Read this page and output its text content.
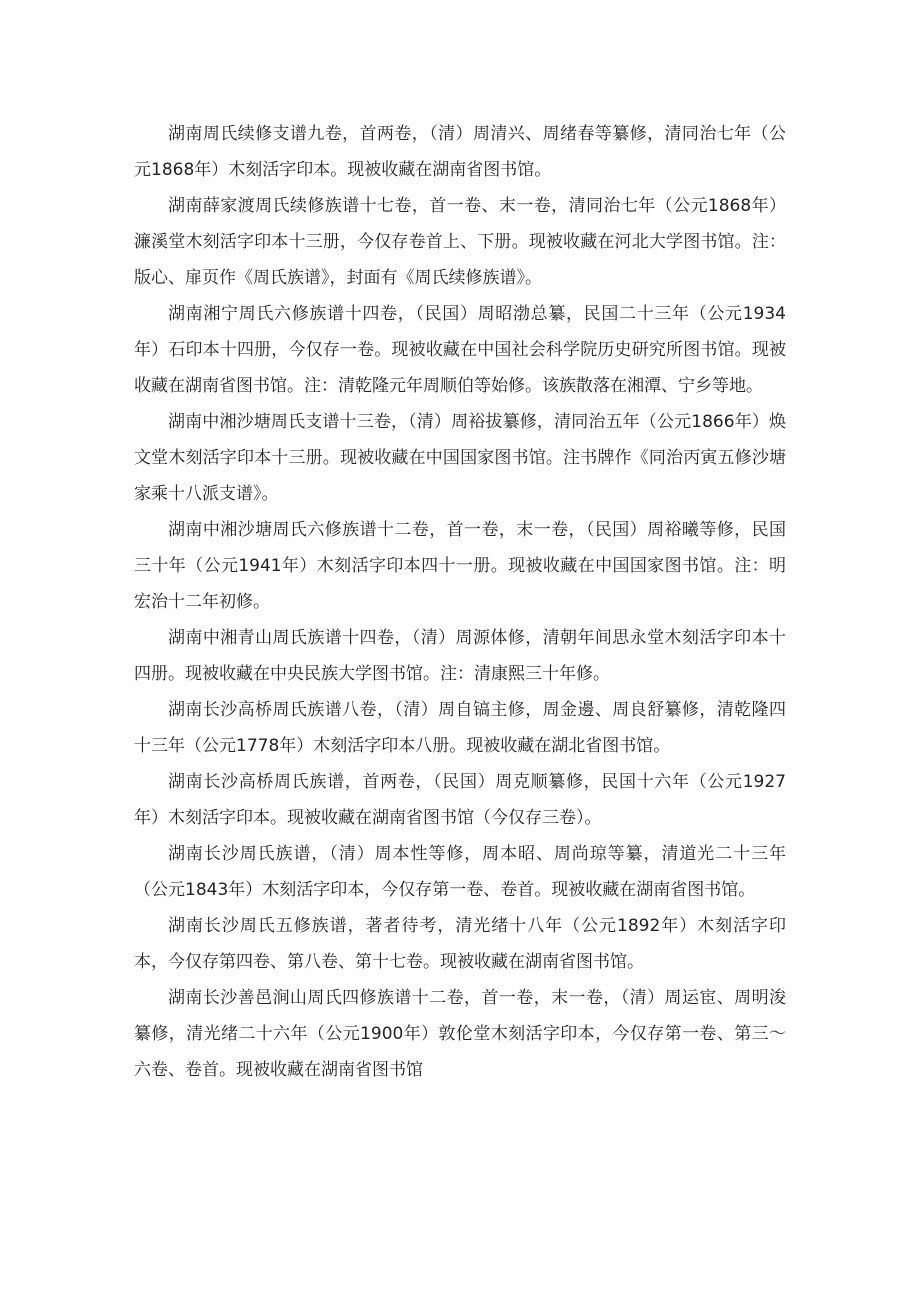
湖南周氏续修支谱九卷，首两卷，（清）周清兴、周绪春等纂修，清同治七年（公元1868年）木刻活字印本。现被收藏在湖南省图书馆。

湖南薛家渡周氏续修族谱十七卷，首一卷、末一卷，清同治七年（公元1868年）濂溪堂木刻活字印本十三册，今仅存卷首上、下册。现被收藏在河北大学图书馆。注：版心、扉页作《周氏族谱》，封面有《周氏续修族谱》。

湖南湘宁周氏六修族谱十四卷，（民国）周昭渤总纂，民国二十三年（公元1934年）石印本十四册，今仅存一卷。现被收藏在中国社会科学院历史研究所图书馆。现被收藏在湖南省图书馆。注：清乾隆元年周顺伯等始修。该族散落在湘潭、宁乡等地。

湖南中湘沙塘周氏支谱十三卷，（清）周裕拔纂修，清同治五年（公元1866年）焕文堂木刻活字印本十三册。现被收藏在中国国家图书馆。注书牌作《同治丙寅五修沙塘家乘十八派支谱》。

湖南中湘沙塘周氏六修族谱十二卷，首一卷，末一卷，（民国）周裕曦等修，民国三十年（公元1941年）木刻活字印本四十一册。现被收藏在中国国家图书馆。注：明宏治十二年初修。

湖南中湘青山周氏族谱十四卷，（清）周源体修，清朝年间思永堂木刻活字印本十四册。现被收藏在中央民族大学图书馆。注：清康熙三十年修。

湖南长沙高桥周氏族谱八卷，（清）周自镐主修，周金邊、周良舒纂修，清乾隆四十三年（公元1778年）木刻活字印本八册。现被收藏在湖北省图书馆。

湖南长沙高桥周氏族谱，首两卷，（民国）周克顺纂修，民国十六年（公元1927年）木刻活字印本。现被收藏在湖南省图书馆（今仅存三卷）。

湖南长沙周氏族谱，（清）周本性等修，周本昭、周尚琼等纂，清道光二十三年（公元1843年）木刻活字印本，今仅存第一卷、卷首。现被收藏在湖南省图书馆。

湖南长沙周氏五修族谱，著者待考，清光绪十八年（公元1892年）木刻活字印本，今仅存第四卷、第八卷、第十七卷。现被收藏在湖南省图书馆。

湖南长沙善邑涧山周氏四修族谱十二卷，首一卷，末一卷，（清）周运宦、周明浚纂修，清光绪二十六年（公元1900年）敦伦堂木刻活字印本，今仅存第一卷、第三～六卷、卷首。现被收藏在湖南省图书馆
